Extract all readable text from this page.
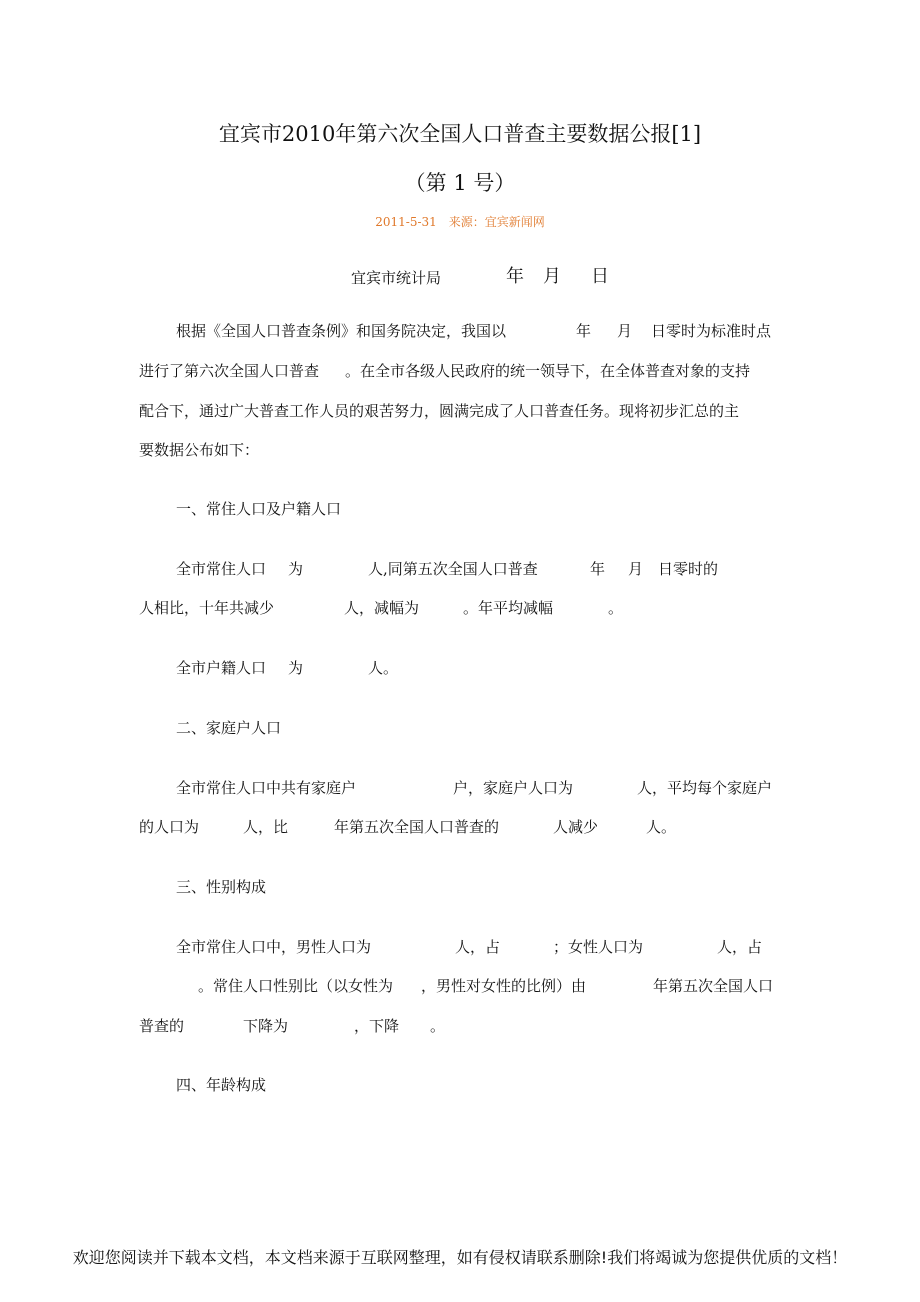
宜宾市2010年第六次全国人口普查主要数据公报[1]
（第 1 号）
2011-5-31　来源：宜宾新闻网
宜宾市统计局	年 月 日
根据《全国人口普查条例》和国务院决定，我国以	年 月 日零时为标准时点
进行了第六次全国人口普查 。在全市各级人民政府的统一领导下，在全体普查对象的支持
配合下，通过广大普查工作人员的艰苦努力，圆满完成了人口普查任务。现将初步汇总的主
要数据公布如下：
一、常住人口及户籍人口
全市常住人口 为	人,同第五次全国人口普查	年 月 日零时的
人相比，十年共减少	人，减幅为	。年平均减幅	。
全市户籍人口 为	人。
二、家庭户人口
全市常住人口中共有家庭户	户，家庭户人口为	人，平均每个家庭户
的人口为	人，比	年第五次全国人口普查的	人减少	人。
三、性别构成
全市常住人口中，男性人口为	人，占	；女性人口为	人，占
。常住人口性别比（以女性为 ，男性对女性的比例）由	年第五次全国人口
普查的	下降为	，下降 。
四、年龄构成
欢迎您阅读并下载本文档，本文档来源于互联网整理，如有侵权请联系删除!我们将竭诚为您提供优质的文档！
